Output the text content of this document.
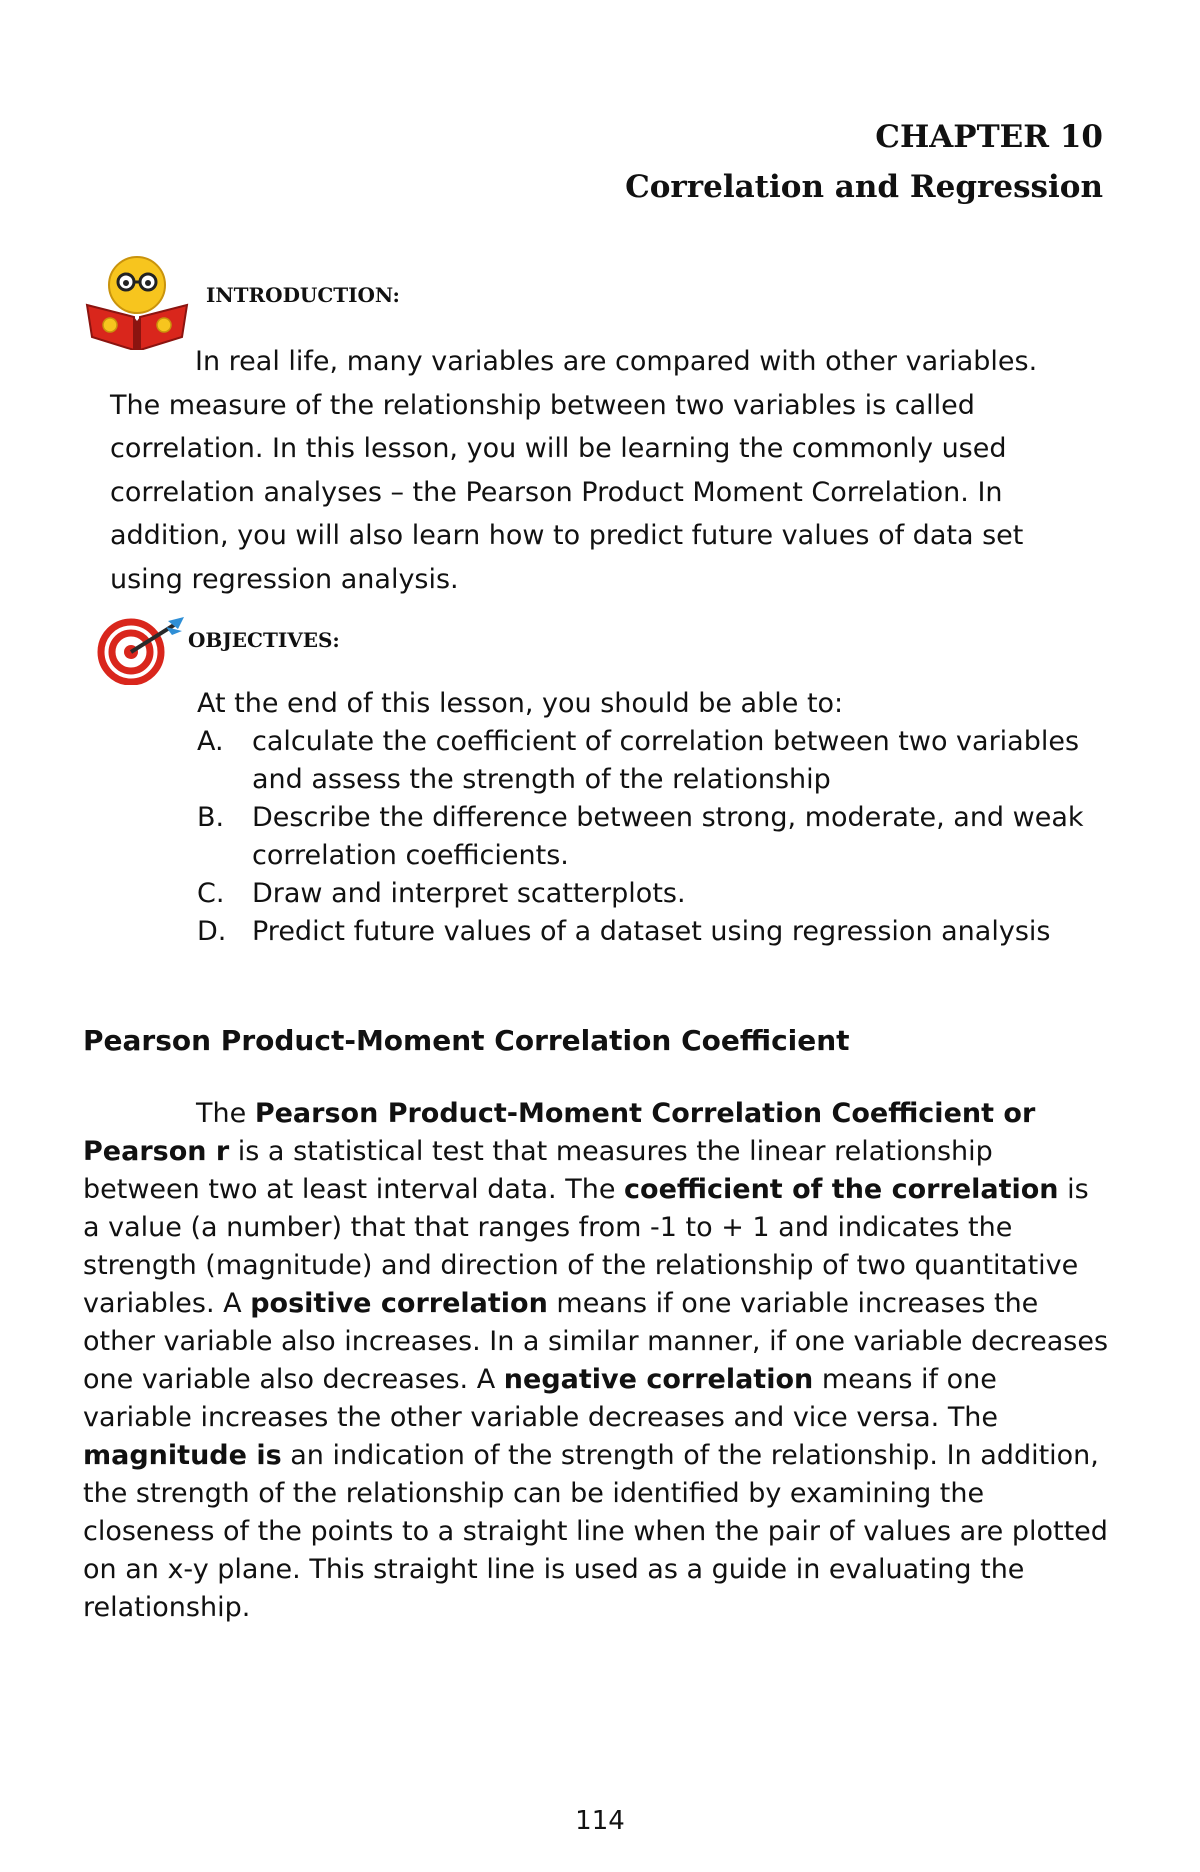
CHAPTER 10

Correlation and Regression

INTRODUCTION:

In real life, many variables are compared with other variables.
The measure of the relationship between two variables is called
correlation. In this lesson, you will be learning the commonly used
correlation analyses – the Pearson Product Moment Correlation. In
addition, you will also learn how to predict future values of data set
using regression analysis.

OBJECTIVES:

At the end of this lesson, you should be able to:

A. calculate the coefficient of correlation between two variables and assess the strength of the relationship
B. Describe the difference between strong, moderate, and weak correlation coefficients.
C. Draw and interpret scatterplots.
D. Predict future values of a dataset using regression analysis

Pearson Product-Moment Correlation Coefficient

The Pearson Product-Moment Correlation Coefficient or Pearson r is a statistical test that measures the linear relationship between two at least interval data. The coefficient of the correlation is a value (a number) that that ranges from -1 to + 1 and indicates the strength (magnitude) and direction of the relationship of two quantitative variables. A positive correlation means if one variable increases the other variable also increases. In a similar manner, if one variable decreases one variable also decreases. A negative correlation means if one variable increases the other variable decreases and vice versa. The magnitude is an indication of the strength of the relationship. In addition, the strength of the relationship can be identified by examining the closeness of the points to a straight line when the pair of values are plotted on an x-y plane. This straight line is used as a guide in evaluating the relationship.

114
